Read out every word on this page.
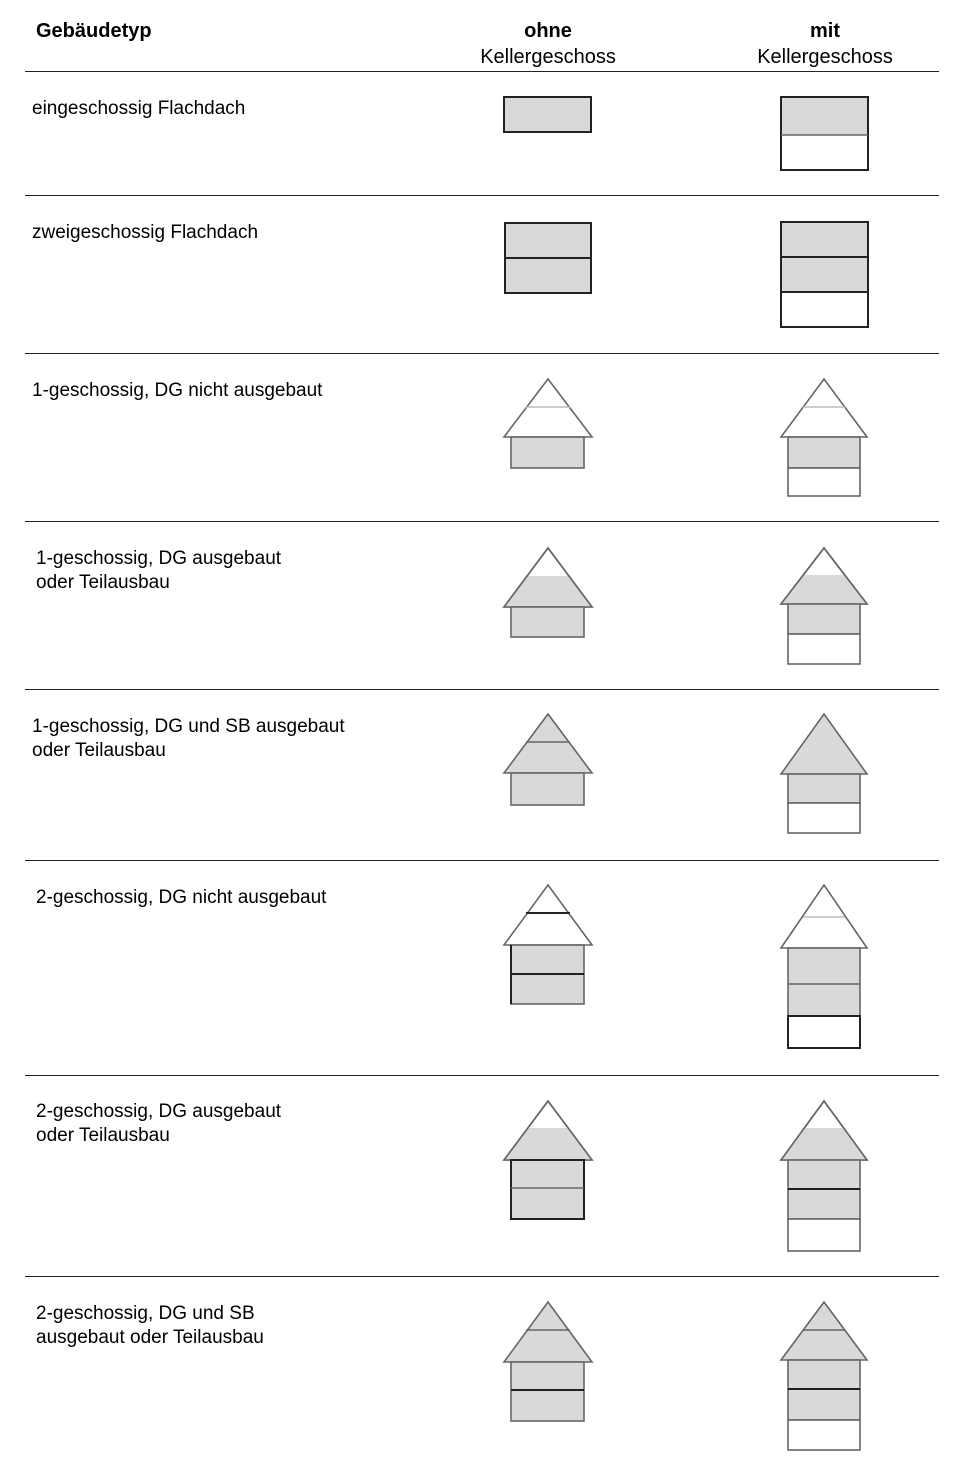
Gebäudetyp	ohne
Kellergeschoss
mit
Kellergeschoss
eingeschossig Flachdach
zweigeschossig Flachdach
1-geschossig, DG nicht ausgebaut
1-geschossig, DG ausgebaut
oder Teilausbau
1-geschossig, DG und SB ausgebaut
oder Teilausbau
2-geschossig, DG nicht ausgebaut
2-geschossig, DG ausgebaut
oder Teilausbau
2-geschossig, DG und SB
ausgebaut oder Teilausbau
